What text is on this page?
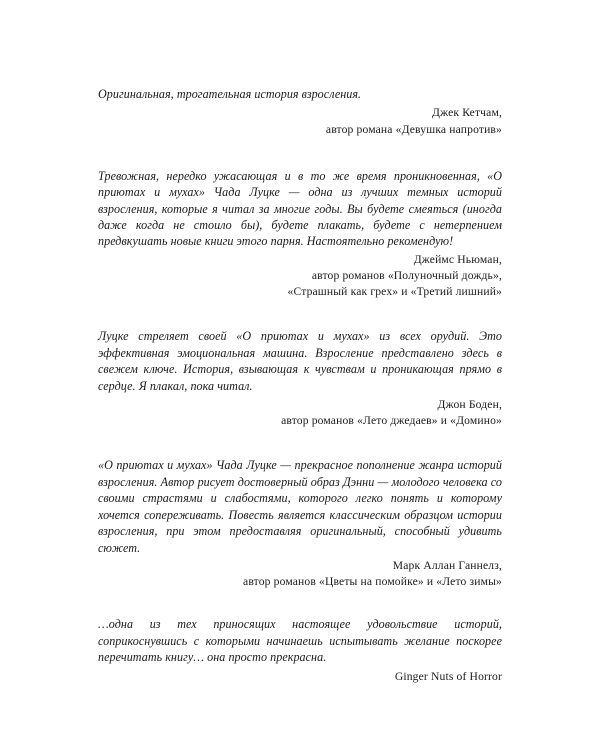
Оригинальная, трогательная история взросления.

Джек Кетчам,
автор романа «Девушка напротив»

Тревожная, нередко ужасающая и в то же время проникновенная, «О приютах и мухах» Чада Луцке — одна из лучших темных историй взросления, которые я читал за многие годы. Вы будете смеяться (иногда даже когда не стоило бы), будете плакать, будете с нетерпением предвкушать новые книги этого парня. Настоятельно рекомендую!

Джеймс Ньюман,
автор романов «Полуночный дождь»,
«Страшный как грех» и «Третий лишний»

Луцке стреляет своей «О приютах и мухах» из всех орудий. Это эффективная эмоциональная машина. Взросление представлено здесь в свежем ключе. История, взывающая к чувствам и проникающая прямо в сердце. Я плакал, пока читал.

Джон Боден,
автор романов «Лето джедаев» и «Домино»

«О приютах и мухах» Чада Луцке — прекрасное пополнение жанра историй взросления. Автор рисует достоверный образ Дэнни — молодого человека со своими страстями и слабостями, которого легко понять и которому хочется сопереживать. Повесть является классическим образцом истории взросления, при этом предоставляя оригинальный, способный удивить сюжет.

Марк Аллан Ганнелз,
автор романов «Цветы на помойке» и «Лето зимы»

…одна из тех приносящих настоящее удовольствие историй, соприкоснувшись с которыми начинаешь испытывать желание поскорее перечитать книгу… она просто прекрасна.

Ginger Nuts of Horror
